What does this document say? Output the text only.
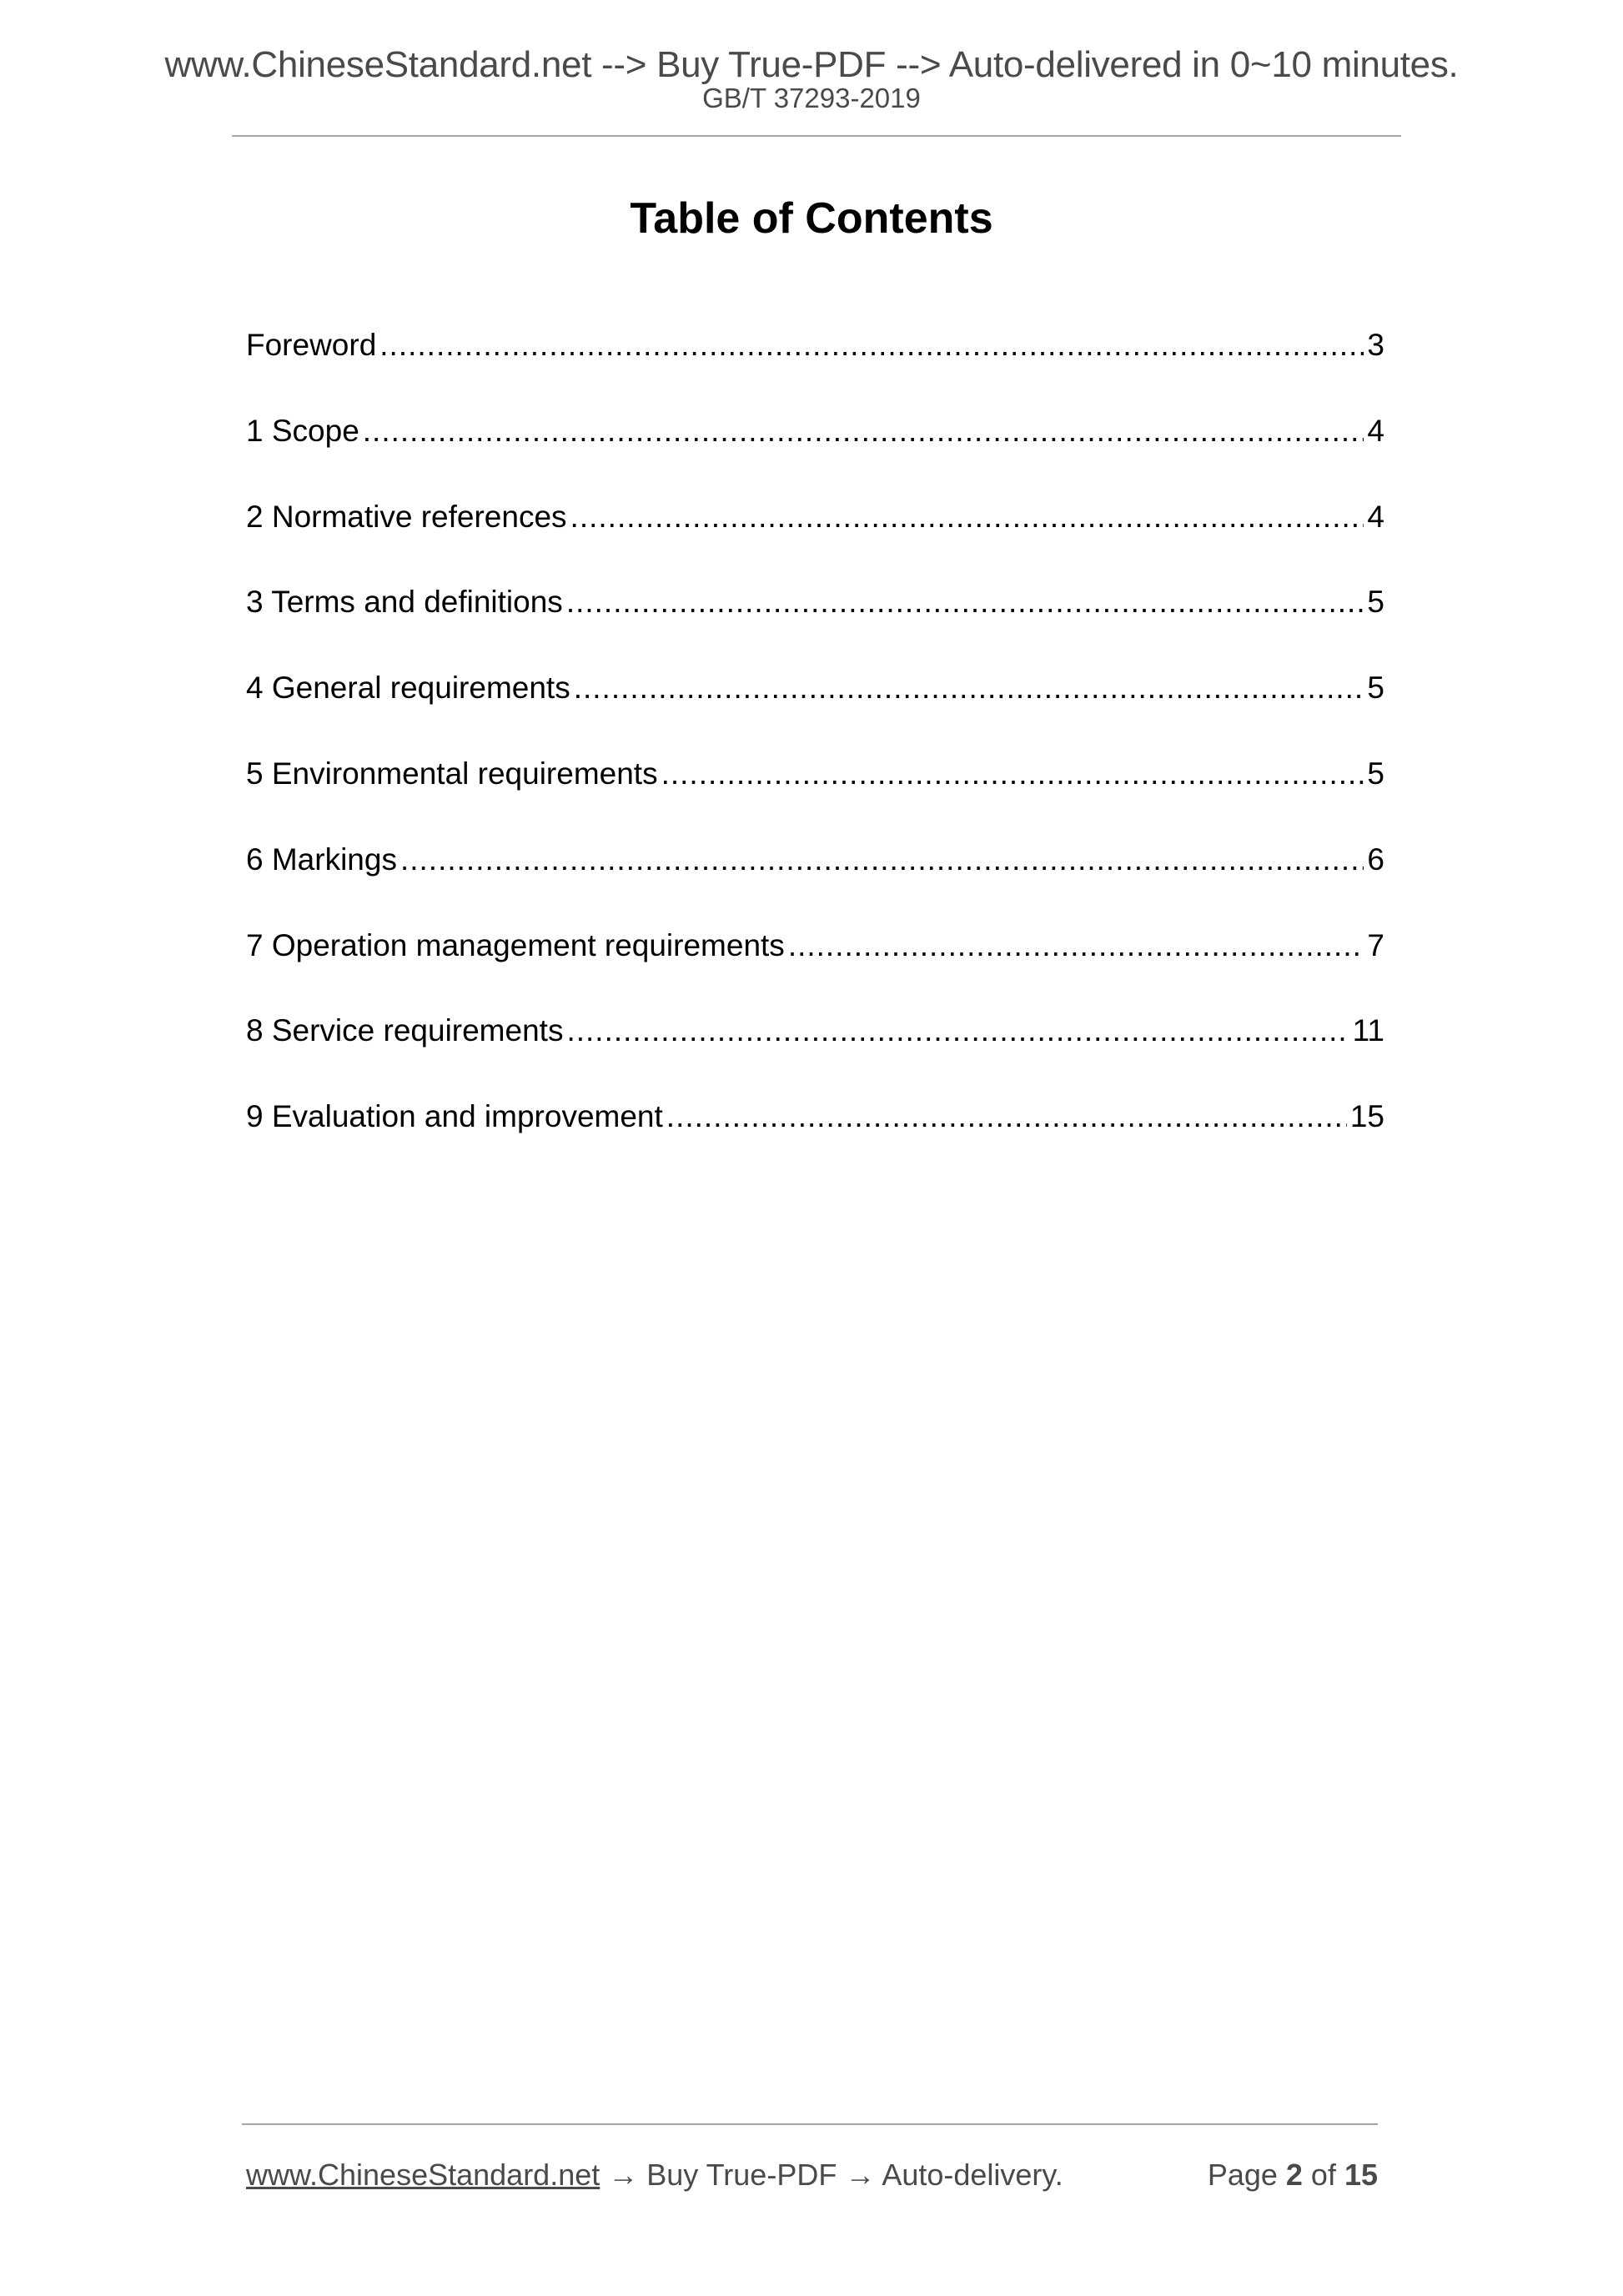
www.ChineseStandard.net --> Buy True-PDF --> Auto-delivered in 0~10 minutes.
GB/T 37293-2019
Table of Contents
Foreword .....	3
1 Scope .....	4
2 Normative references .....	4
3 Terms and definitions .....	5
4 General requirements .....	5
5 Environmental requirements .....	5
6 Markings .....	6
7 Operation management requirements .....	7
8 Service requirements .....	11
9 Evaluation and improvement .....	15
www.ChineseStandard.net → Buy True-PDF → Auto-delivery.	Page 2 of 15
